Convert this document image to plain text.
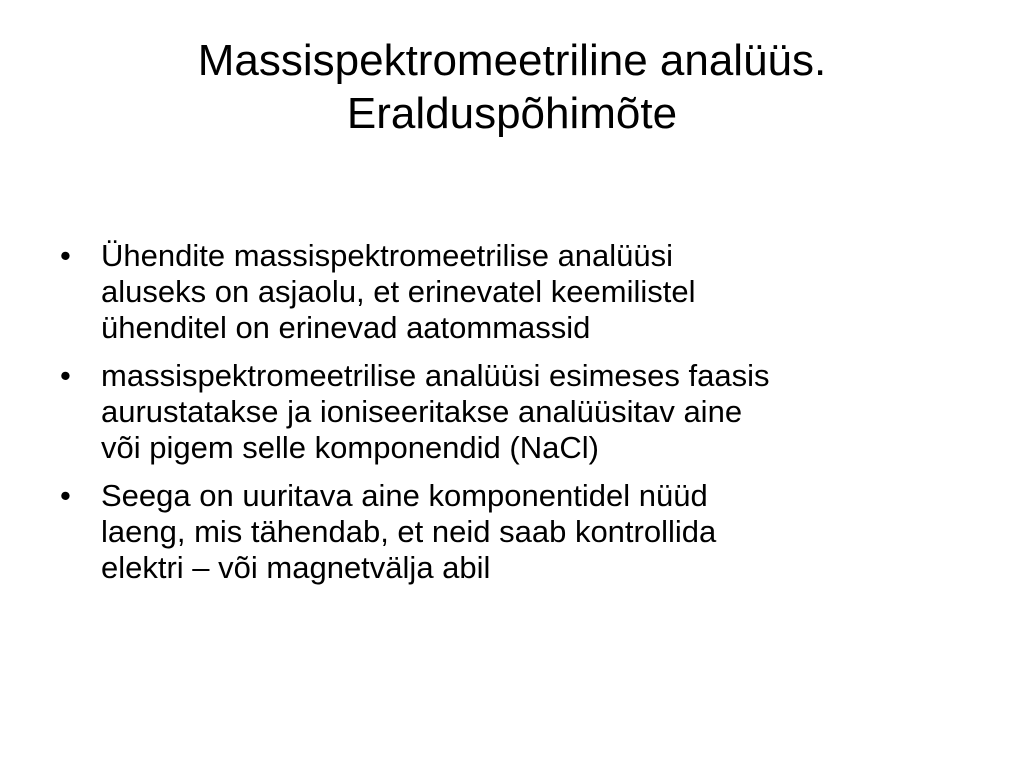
Massispektromeetriline analüüs.
Eralduspõhimõte
• Ühendite massispektromeetrilise analüüsi
aluseks on asjaolu, et erinevatel keemilistel
ühenditel on erinevad aatommassid
• massispektromeetrilise analüüsi esimeses faasis
aurustatakse ja ioniseeritakse analüüsitav aine
või pigem selle komponendid (NaCl)
• Seega on uuritava aine komponentidel nüüd
laeng, mis tähendab, et neid saab kontrollida
elektri – või magnetvälja abil
